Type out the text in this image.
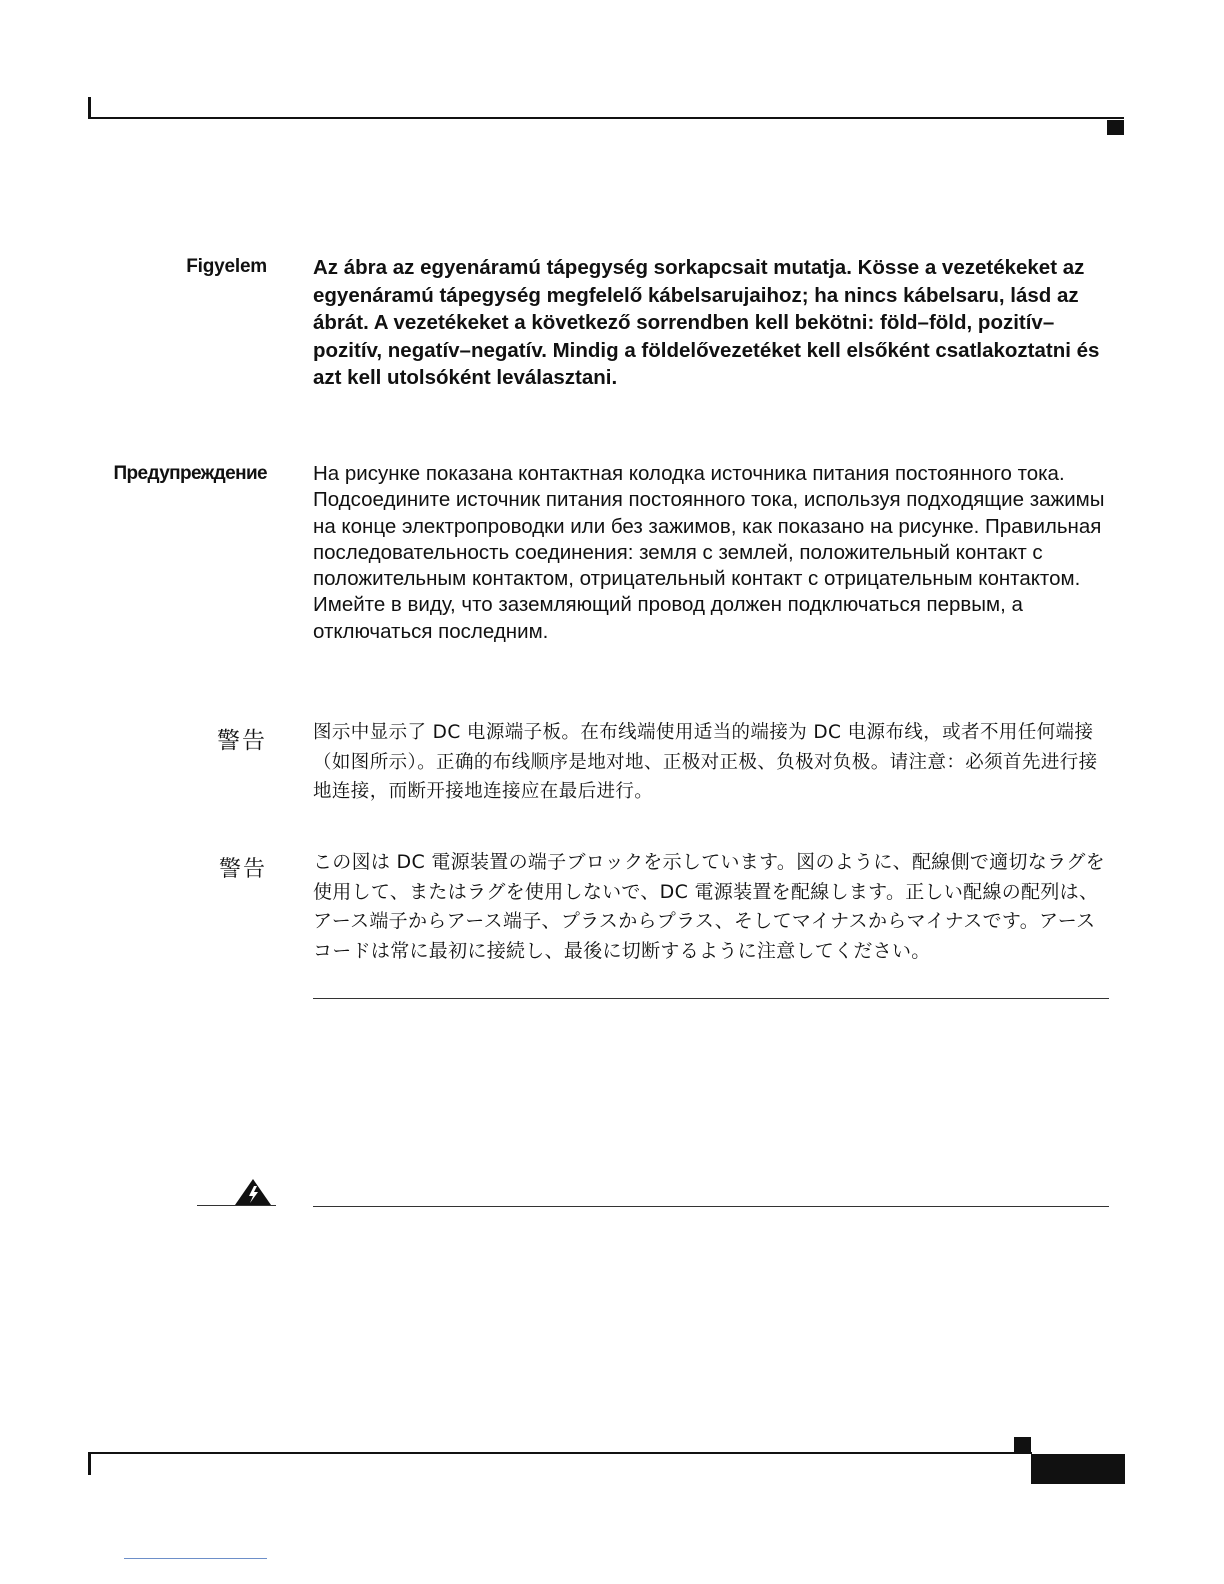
Figyelem Az ábra az egyenáramú tápegység sorkapcsait mutatja. Kösse a vezetékeket az egyenáramú tápegység megfelelő kábelsarujaihoz; ha nincs kábelsaru, lásd az ábrát. A vezetékeket a következő sorrendben kell bekötni: föld–föld, pozitív–pozitív, negatív–negatív. Mindig a földelővezetéket kell elsőként csatlakoztatni és azt kell utolsóként leválasztani.
Предупреждение На рисунке показана контактная колодка источника питания постоянного тока. Подсоедините источник питания постоянного тока, используя подходящие зажимы на конце электропроводки или без зажимов, как показано на рисунке. Правильная последовательность соединения: земля с землей, положительный контакт с положительным контактом, отрицательный контакт с отрицательным контактом. Имейте в виду, что заземляющий провод должен подключаться первым, а отключаться последним.
警告 图示中显示了 DC 电源端子板。在布线端使用适当的端接为 DC 电源布线，或者不用任何端接（如图所示）。正确的布线顺序是地对地、正极对正极、负极对负极。请注意：必须首先进行接地连接，而断开接地连接应在最后进行。
警告 この図は DC 電源装置の端子ブロックを示しています。図のように、配線側で適切なラグを使用して、またはラグを使用しないで、DC 電源装置を配線します。正しい配線の配列は、アース端子からアース端子、プラスからプラス、そしてマイナスからマイナスです。アース コードは常に最初に接続し、最後に切断するように注意してください。
